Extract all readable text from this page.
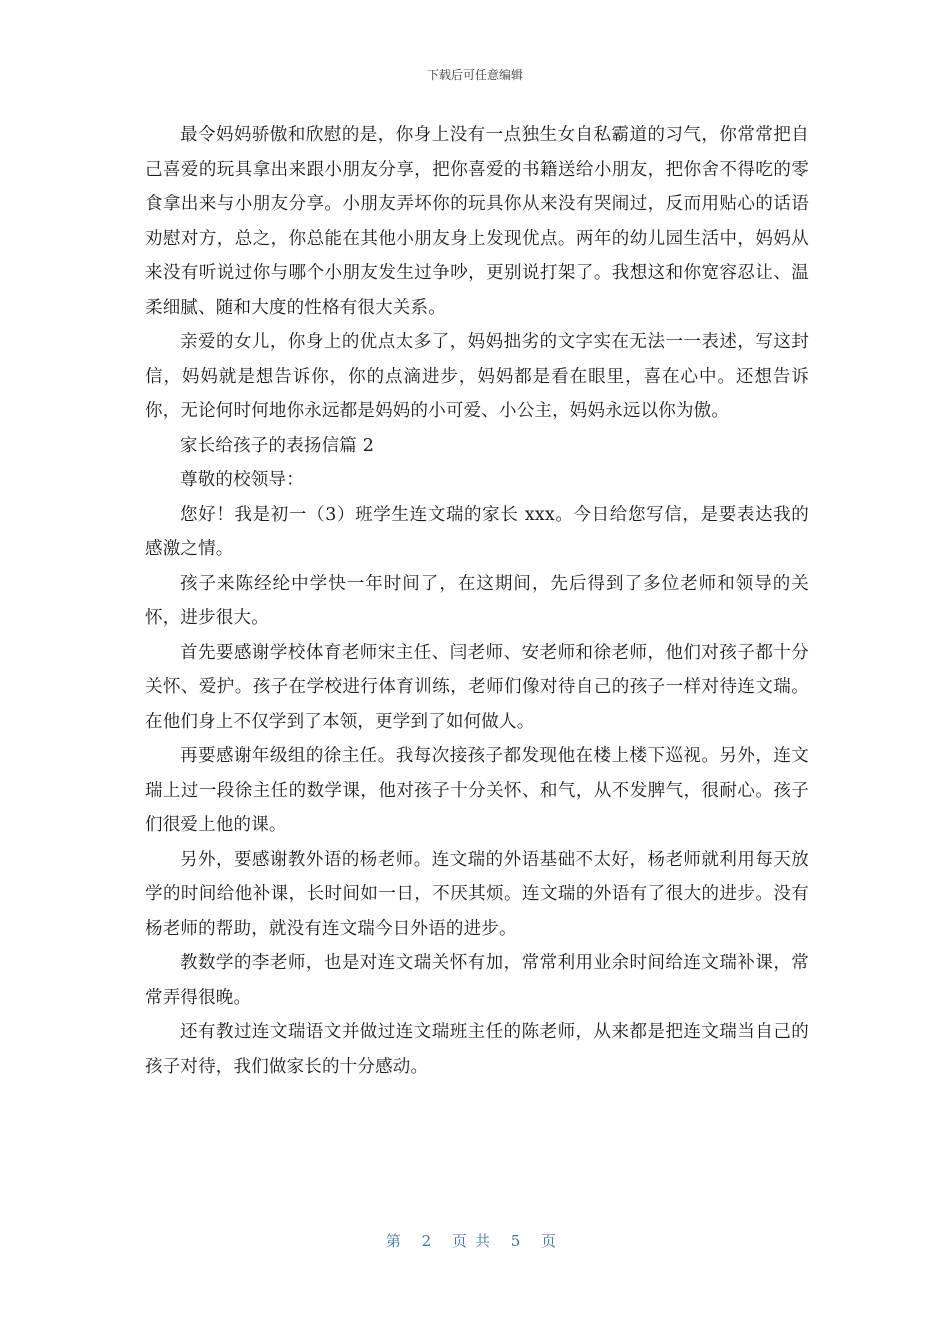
下载后可任意编辑

最令妈妈骄傲和欣慰的是，你身上没有一点独生女自私霸道的习气，你常常把自己喜爱的玩具拿出来跟小朋友分享，把你喜爱的书籍送给小朋友，把你舍不得吃的零食拿出来与小朋友分享。小朋友弄坏你的玩具你从来没有哭闹过，反而用贴心的话语劝慰对方，总之，你总能在其他小朋友身上发现优点。两年的幼儿园生活中，妈妈从来没有听说过你与哪个小朋友发生过争吵，更别说打架了。我想这和你宽容忍让、温柔细腻、随和大度的性格有很大关系。

亲爱的女儿，你身上的优点太多了，妈妈拙劣的文字实在无法一一表述，写这封信，妈妈就是想告诉你，你的点滴进步，妈妈都是看在眼里，喜在心中。还想告诉你，无论何时何地你永远都是妈妈的小可爱、小公主，妈妈永远以你为傲。

家长给孩子的表扬信篇 2

尊敬的校领导：

您好！我是初一（3）班学生连文瑞的家长 xxx。今日给您写信，是要表达我的感激之情。

孩子来陈经纶中学快一年时间了，在这期间，先后得到了多位老师和领导的关怀，进步很大。

首先要感谢学校体育老师宋主任、闫老师、安老师和徐老师，他们对孩子都十分关怀、爱护。孩子在学校进行体育训练，老师们像对待自己的孩子一样对待连文瑞。在他们身上不仅学到了本领，更学到了如何做人。

再要感谢年级组的徐主任。我每次接孩子都发现他在楼上楼下巡视。另外，连文瑞上过一段徐主任的数学课，他对孩子十分关怀、和气，从不发脾气，很耐心。孩子们很爱上他的课。

另外，要感谢教外语的杨老师。连文瑞的外语基础不太好，杨老师就利用每天放学的时间给他补课，长时间如一日，不厌其烦。连文瑞的外语有了很大的进步。没有杨老师的帮助，就没有连文瑞今日外语的进步。

教数学的李老师，也是对连文瑞关怀有加，常常利用业余时间给连文瑞补课，常常弄得很晚。

还有教过连文瑞语文并做过连文瑞班主任的陈老师，从来都是把连文瑞当自己的孩子对待，我们做家长的十分感动。

第 2 页共 5 页
